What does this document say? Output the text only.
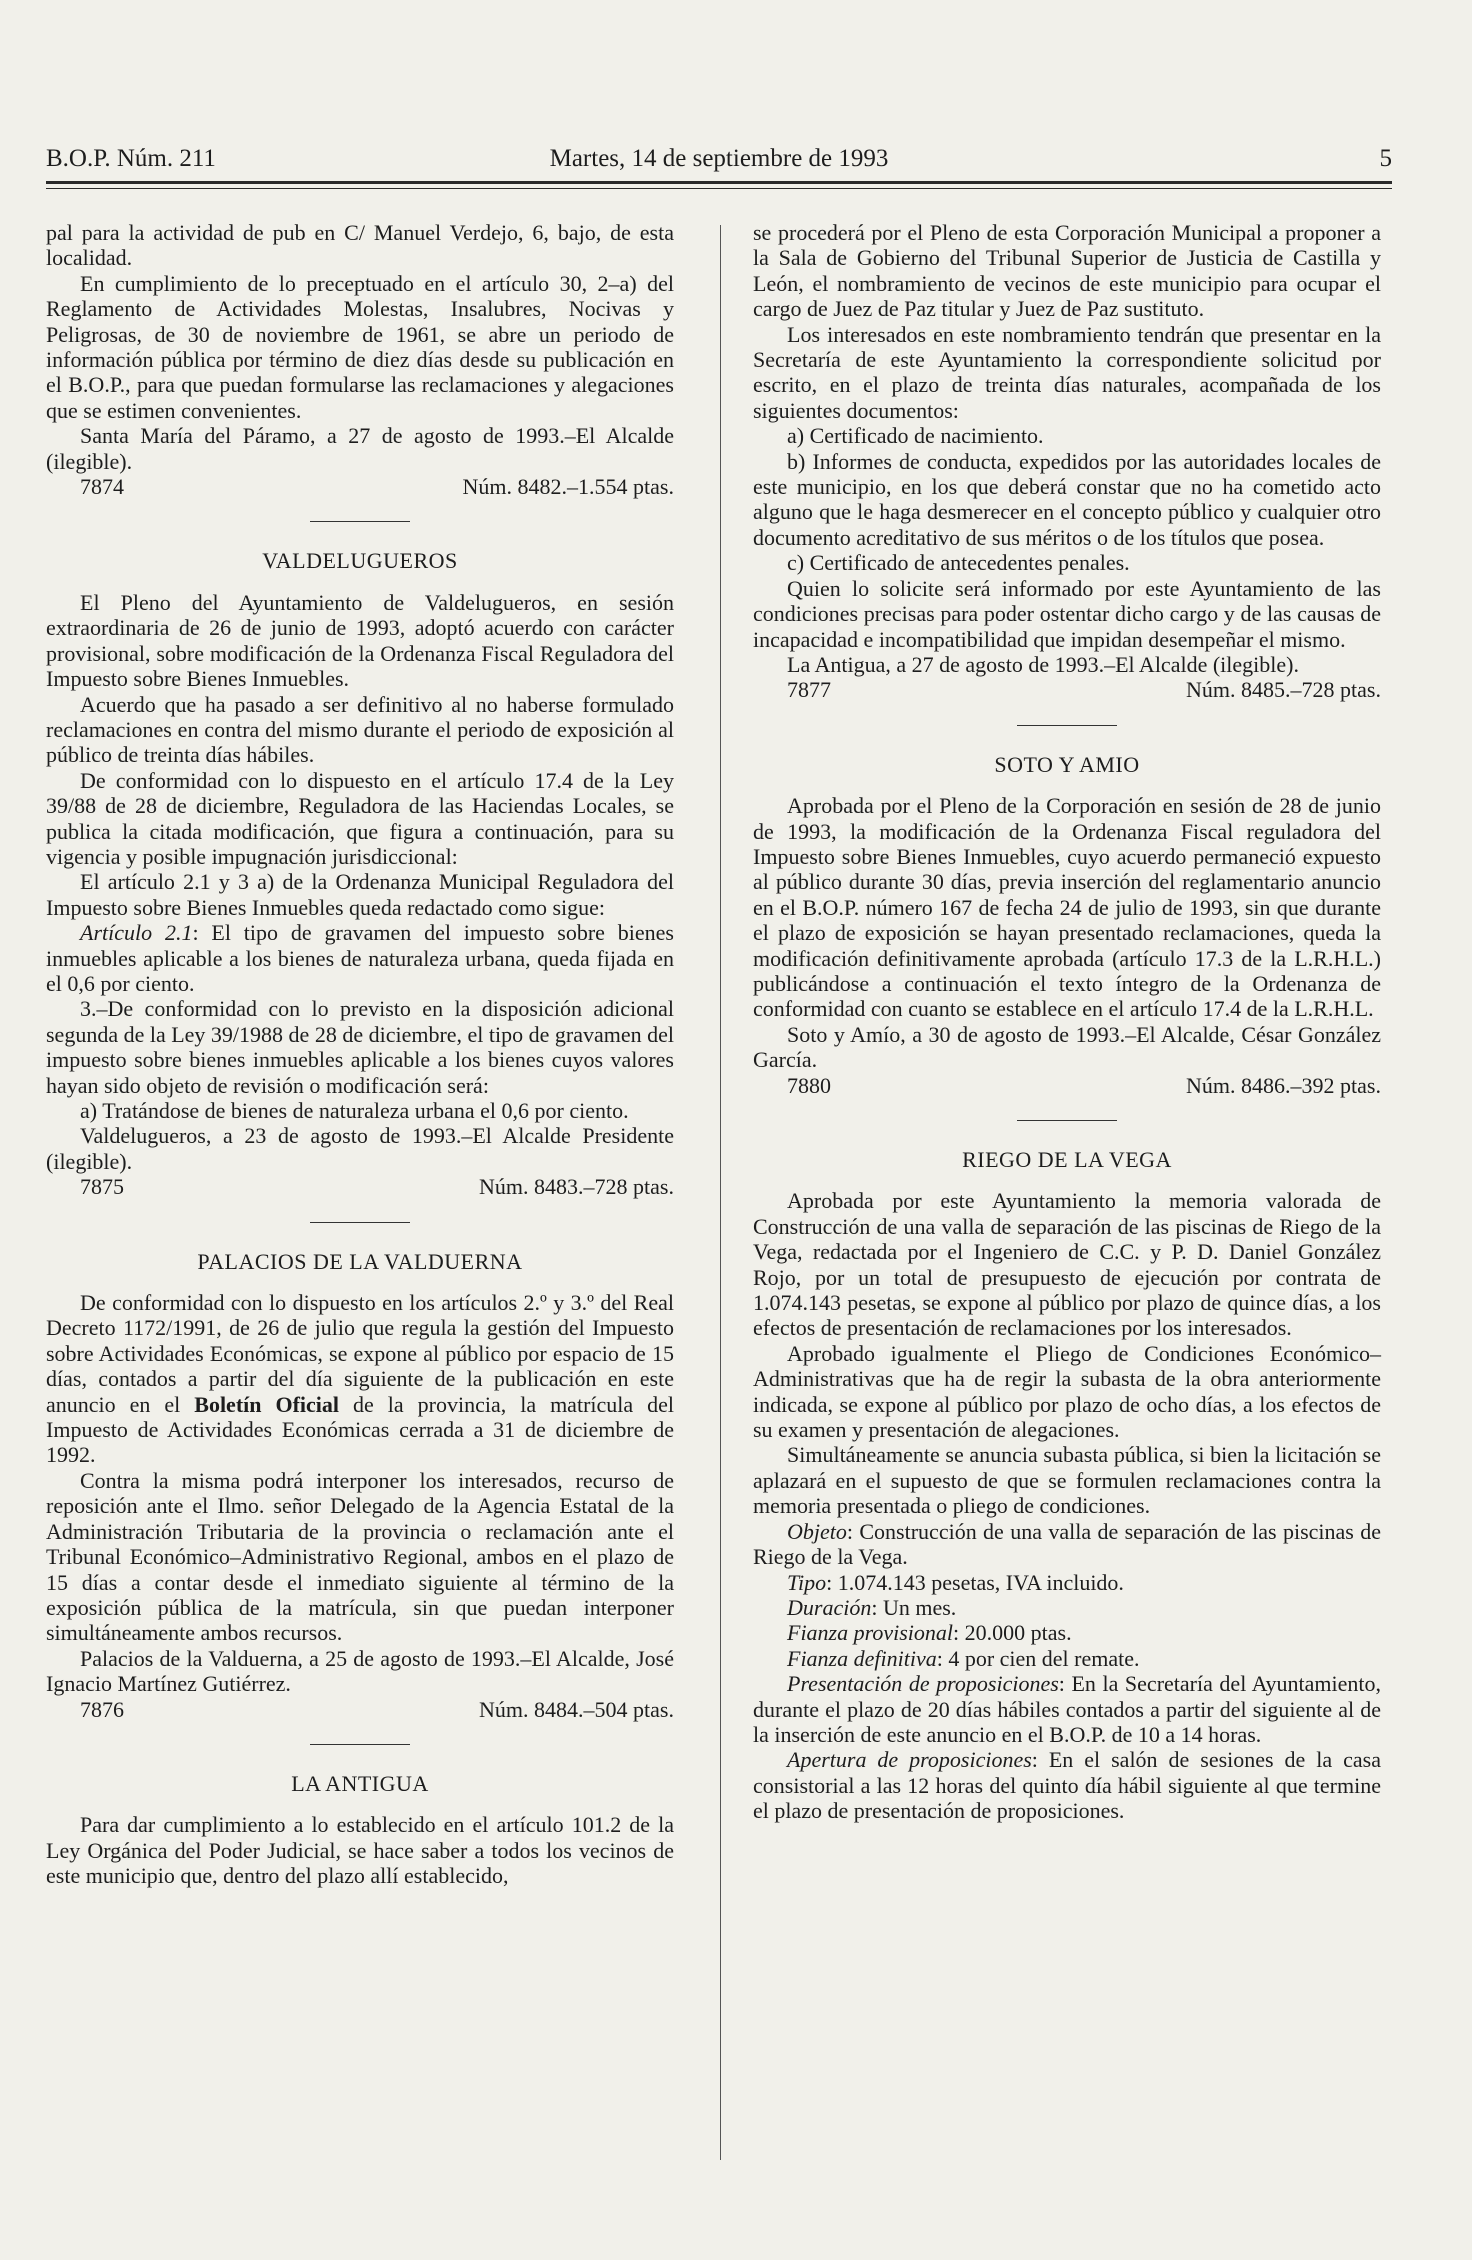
B.O.P. Núm. 211	Martes, 14 de septiembre de 1993	5

pal para la actividad de pub en C/ Manuel Verdejo, 6, bajo, de esta localidad.

En cumplimiento de lo preceptuado en el artículo 30, 2–a) del Reglamento de Actividades Molestas, Insalubres, Nocivas y Peligrosas, de 30 de noviembre de 1961, se abre un periodo de información pública por término de diez días desde su publicación en el B.O.P., para que puedan formularse las reclamaciones y alegaciones que se estimen convenientes.

Santa María del Páramo, a 27 de agosto de 1993.–El Alcalde (ilegible).

7874	Núm. 8482.–1.554 ptas.
VALDELUGUEROS

El Pleno del Ayuntamiento de Valdelugueros, en sesión extraordinaria de 26 de junio de 1993, adoptó acuerdo con carácter provisional, sobre modificación de la Ordenanza Fiscal Reguladora del Impuesto sobre Bienes Inmuebles.

Acuerdo que ha pasado a ser definitivo al no haberse formulado reclamaciones en contra del mismo durante el periodo de exposición al público de treinta días hábiles.

De conformidad con lo dispuesto en el artículo 17.4 de la Ley 39/88 de 28 de diciembre, Reguladora de las Haciendas Locales, se publica la citada modificación, que figura a continuación, para su vigencia y posible impugnación jurisdiccional:

El artículo 2.1 y 3 a) de la Ordenanza Municipal Reguladora del Impuesto sobre Bienes Inmuebles queda redactado como sigue:

Artículo 2.1: El tipo de gravamen del impuesto sobre bienes inmuebles aplicable a los bienes de naturaleza urbana, queda fijada en el 0,6 por ciento.

3.–De conformidad con lo previsto en la disposición adicional segunda de la Ley 39/1988 de 28 de diciembre, el tipo de gravamen del impuesto sobre bienes inmuebles aplicable a los bienes cuyos valores hayan sido objeto de revisión o modificación será:

a) Tratándose de bienes de naturaleza urbana el 0,6 por ciento.

Valdelugueros, a 23 de agosto de 1993.–El Alcalde Presidente (ilegible).

7875	Núm. 8483.–728 ptas.
PALACIOS DE LA VALDUERNA

De conformidad con lo dispuesto en los artículos 2.º y 3.º del Real Decreto 1172/1991, de 26 de julio que regula la gestión del Impuesto sobre Actividades Económicas, se expone al público por espacio de 15 días, contados a partir del día siguiente de la publicación en este anuncio en el Boletín Oficial de la provincia, la matrícula del Impuesto de Actividades Económicas cerrada a 31 de diciembre de 1992.

Contra la misma podrá interponer los interesados, recurso de reposición ante el Ilmo. señor Delegado de la Agencia Estatal de la Administración Tributaria de la provincia o reclamación ante el Tribunal Económico–Administrativo Regional, ambos en el plazo de 15 días a contar desde el inmediato siguiente al término de la exposición pública de la matrícula, sin que puedan interponer simultáneamente ambos recursos.

Palacios de la Valduerna, a 25 de agosto de 1993.–El Alcalde, José Ignacio Martínez Gutiérrez.

7876	Núm. 8484.–504 ptas.
LA ANTIGUA

Para dar cumplimiento a lo establecido en el artículo 101.2 de la Ley Orgánica del Poder Judicial, se hace saber a todos los vecinos de este municipio que, dentro del plazo allí establecido,

se procederá por el Pleno de esta Corporación Municipal a proponer a la Sala de Gobierno del Tribunal Superior de Justicia de Castilla y León, el nombramiento de vecinos de este municipio para ocupar el cargo de Juez de Paz titular y Juez de Paz sustituto.

Los interesados en este nombramiento tendrán que presentar en la Secretaría de este Ayuntamiento la correspondiente solicitud por escrito, en el plazo de treinta días naturales, acompañada de los siguientes documentos:

a) Certificado de nacimiento.

b) Informes de conducta, expedidos por las autoridades locales de este municipio, en los que deberá constar que no ha cometido acto alguno que le haga desmerecer en el concepto público y cualquier otro documento acreditativo de sus méritos o de los títulos que posea.

c) Certificado de antecedentes penales.

Quien lo solicite será informado por este Ayuntamiento de las condiciones precisas para poder ostentar dicho cargo y de las causas de incapacidad e incompatibilidad que impidan desempeñar el mismo.

La Antigua, a 27 de agosto de 1993.–El Alcalde (ilegible).

7877	Núm. 8485.–728 ptas.
SOTO Y AMIO

Aprobada por el Pleno de la Corporación en sesión de 28 de junio de 1993, la modificación de la Ordenanza Fiscal reguladora del Impuesto sobre Bienes Inmuebles, cuyo acuerdo permaneció expuesto al público durante 30 días, previa inserción del reglamentario anuncio en el B.O.P. número 167 de fecha 24 de julio de 1993, sin que durante el plazo de exposición se hayan presentado reclamaciones, queda la modificación definitivamente aprobada (artículo 17.3 de la L.R.H.L.) publicándose a continuación el texto íntegro de la Ordenanza de conformidad con cuanto se establece en el artículo 17.4 de la L.R.H.L.

Soto y Amío, a 30 de agosto de 1993.–El Alcalde, César González García.

7880	Núm. 8486.–392 ptas.
RIEGO DE LA VEGA

Aprobada por este Ayuntamiento la memoria valorada de Construcción de una valla de separación de las piscinas de Riego de la Vega, redactada por el Ingeniero de C.C. y P. D. Daniel González Rojo, por un total de presupuesto de ejecución por contrata de 1.074.143 pesetas, se expone al público por plazo de quince días, a los efectos de presentación de reclamaciones por los interesados.

Aprobado igualmente el Pliego de Condiciones Económico–Administrativas que ha de regir la subasta de la obra anteriormente indicada, se expone al público por plazo de ocho días, a los efectos de su examen y presentación de alegaciones.

Simultáneamente se anuncia subasta pública, si bien la licitación se aplazará en el supuesto de que se formulen reclamaciones contra la memoria presentada o pliego de condiciones.

Objeto: Construcción de una valla de separación de las piscinas de Riego de la Vega.

Tipo: 1.074.143 pesetas, IVA incluido.

Duración: Un mes.

Fianza provisional: 20.000 ptas.

Fianza definitiva: 4 por cien del remate.

Presentación de proposiciones: En la Secretaría del Ayuntamiento, durante el plazo de 20 días hábiles contados a partir del siguiente al de la inserción de este anuncio en el B.O.P. de 10 a 14 horas.

Apertura de proposiciones: En el salón de sesiones de la casa consistorial a las 12 horas del quinto día hábil siguiente al que termine el plazo de presentación de proposiciones.
